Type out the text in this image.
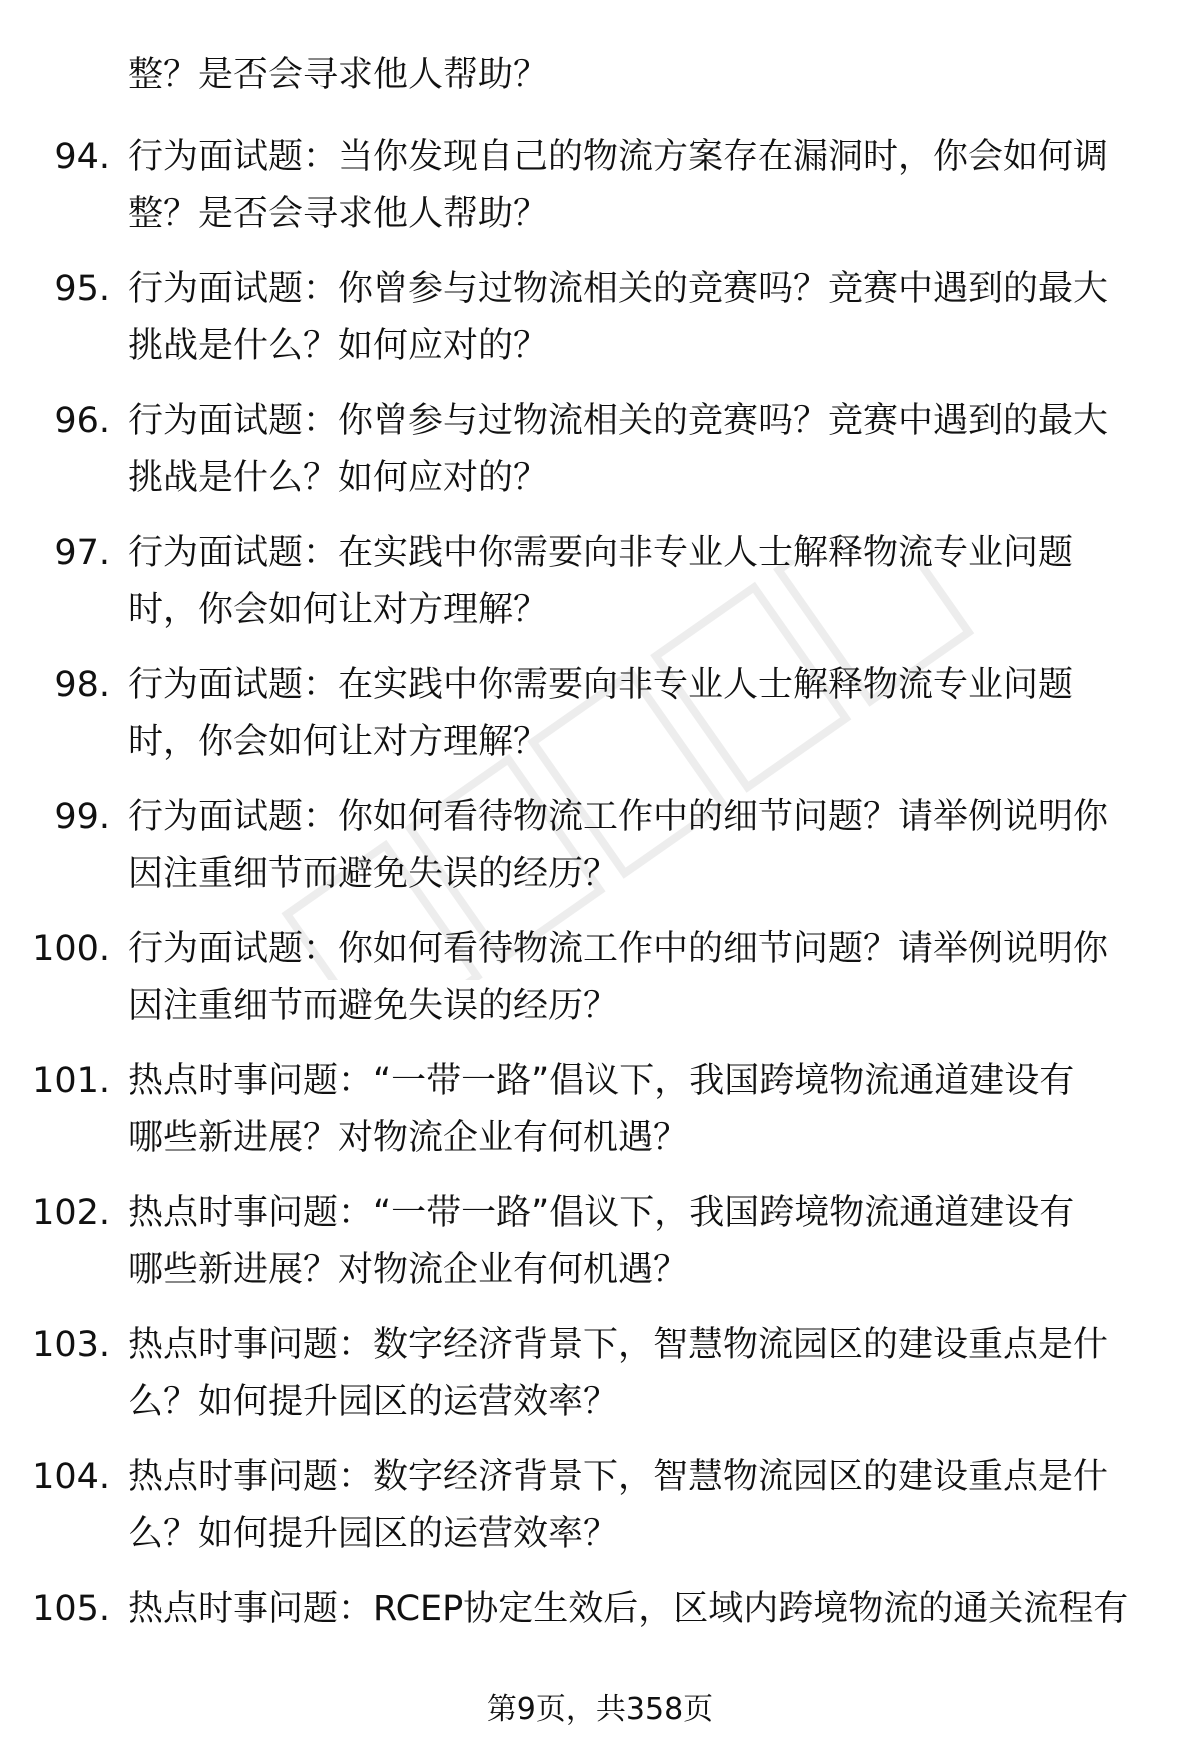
整？是否会寻求他人帮助？
94. 行为面试题：当你发现自己的物流方案存在漏洞时，你会如何调
整？是否会寻求他人帮助？
95. 行为面试题：你曾参与过物流相关的竞赛吗？竞赛中遇到的最大
挑战是什么？如何应对的？
96. 行为面试题：你曾参与过物流相关的竞赛吗？竞赛中遇到的最大
挑战是什么？如何应对的？
97. 行为面试题：在实践中你需要向非专业人士解释物流专业问题
时，你会如何让对方理解？
98. 行为面试题：在实践中你需要向非专业人士解释物流专业问题
时，你会如何让对方理解？
99. 行为面试题：你如何看待物流工作中的细节问题？请举例说明你
因注重细节而避免失误的经历？
100. 行为面试题：你如何看待物流工作中的细节问题？请举例说明你
因注重细节而避免失误的经历？
101. 热点时事问题：“一带一路”倡议下，我国跨境物流通道建设有
哪些新进展？对物流企业有何机遇？
102. 热点时事问题：“一带一路”倡议下，我国跨境物流通道建设有
哪些新进展？对物流企业有何机遇？
103. 热点时事问题：数字经济背景下，智慧物流园区的建设重点是什
么？如何提升园区的运营效率？
104. 热点时事问题：数字经济背景下，智慧物流园区的建设重点是什
么？如何提升园区的运营效率？
105. 热点时事问题：RCEP协定生效后，区域内跨境物流的通关流程有
第9页，共358页
